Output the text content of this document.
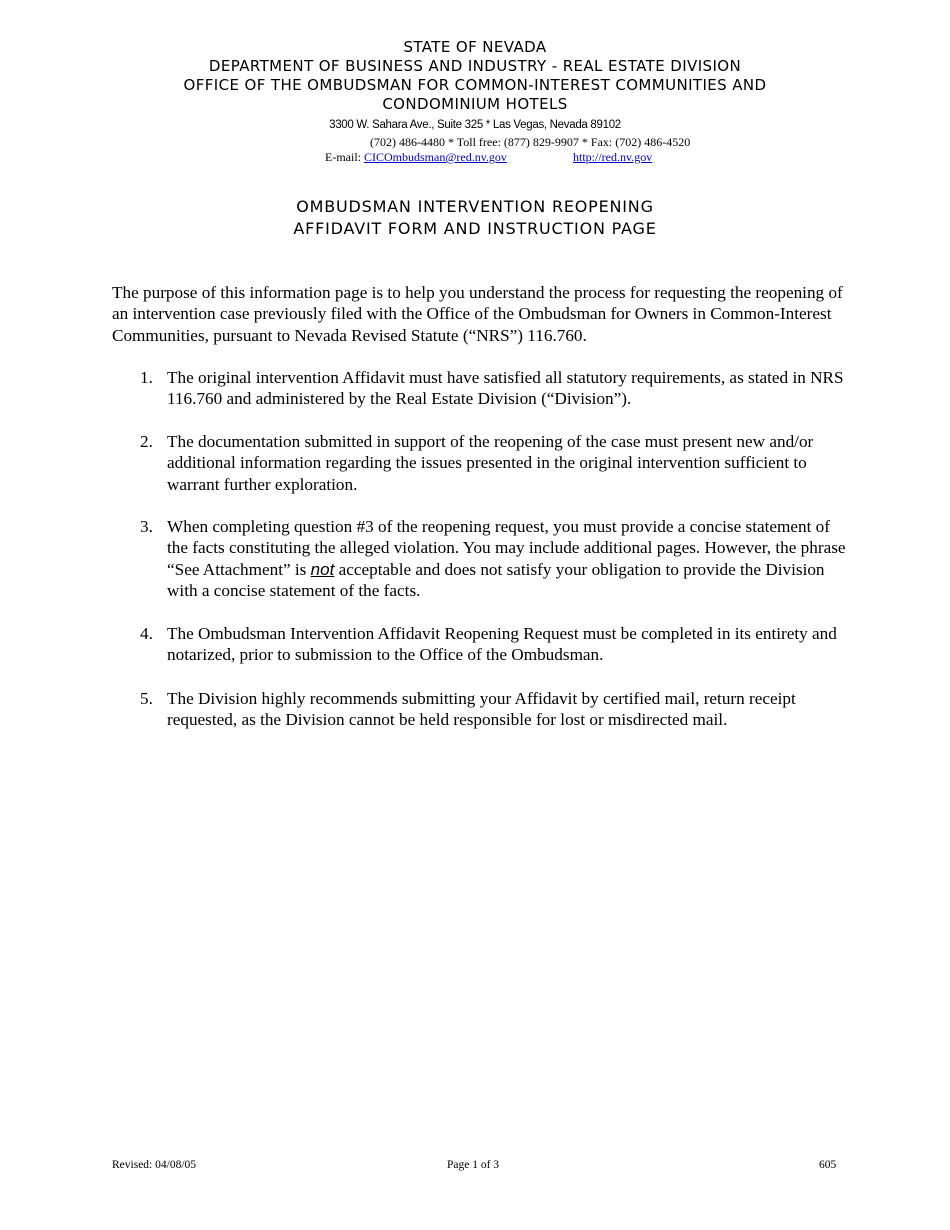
STATE OF NEVADA
DEPARTMENT OF BUSINESS AND INDUSTRY - REAL ESTATE DIVISION
OFFICE OF THE OMBUDSMAN FOR COMMON-INTEREST COMMUNITIES AND
CONDOMINIUM HOTELS
3300 W. Sahara Ave., Suite 325 * Las Vegas, Nevada 89102
(702) 486-4480 * Toll free: (877) 829-9907 * Fax: (702) 486-4520
E-mail: CICOmbudsman@red.nv.gov	http://red.nv.gov
OMBUDSMAN INTERVENTION REOPENING
AFFIDAVIT FORM AND INSTRUCTION PAGE
The purpose of this information page is to help you understand the process for requesting the reopening of an intervention case previously filed with the Office of the Ombudsman for Owners in Common-Interest Communities, pursuant to Nevada Revised Statute (“NRS”) 116.760.
1. The original intervention Affidavit must have satisfied all statutory requirements, as stated in NRS 116.760 and administered by the Real Estate Division (“Division”).
2. The documentation submitted in support of the reopening of the case must present new and/or additional information regarding the issues presented in the original intervention sufficient to warrant further exploration.
3. When completing question #3 of the reopening request, you must provide a concise statement of the facts constituting the alleged violation. You may include additional pages. However, the phrase “See Attachment” is not acceptable and does not satisfy your obligation to provide the Division with a concise statement of the facts.
4. The Ombudsman Intervention Affidavit Reopening Request must be completed in its entirety and notarized, prior to submission to the Office of the Ombudsman.
5. The Division highly recommends submitting your Affidavit by certified mail, return receipt requested, as the Division cannot be held responsible for lost or misdirected mail.
Revised: 04/08/05	Page 1 of 3	605
